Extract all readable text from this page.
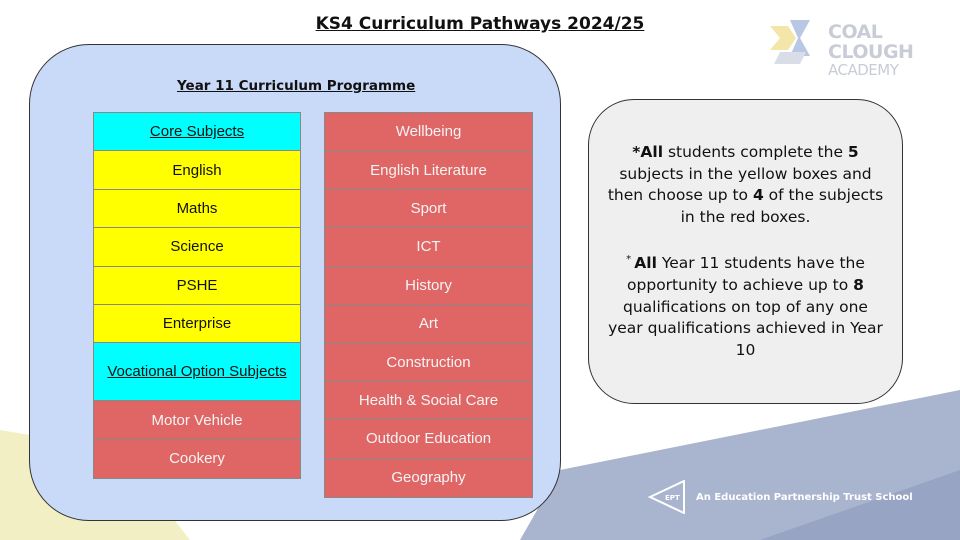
KS4 Curriculum Pathways 2024/25	COAL CLOUGH
ACADEMY
Year 11 Curriculum Programme
Core Subjects
English
Maths
Science
PSHE
Enterprise
Vocational Option Subjects
Motor Vehicle
Cookery
Wellbeing
English Literature
Sport
ICT
History
Art
Construction
Health & Social Care
Outdoor Education
Geography

*All students complete the 5 subjects in the yellow boxes and then choose up to 4 of the subjects in the red boxes.

* All Year 11 students have the opportunity to achieve up to 8 qualifications on top of any one year qualifications achieved in Year 10

EPT An Education Partnership Trust School
